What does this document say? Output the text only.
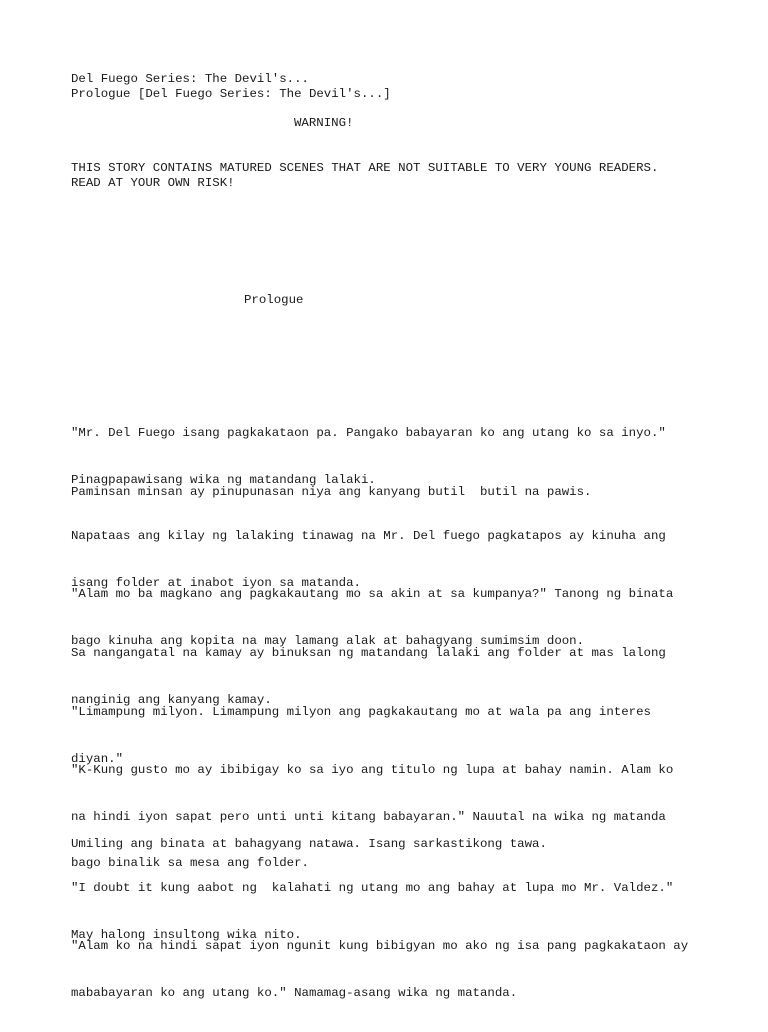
Del Fuego Series: The Devil's...
Prologue [Del Fuego Series: The Devil's...]
WARNING!
THIS STORY CONTAINS MATURED SCENES THAT ARE NOT SUITABLE TO VERY YOUNG READERS.
READ AT YOUR OWN RISK!
Prologue

"Mr. Del Fuego isang pagkakataon pa. Pangako babayaran ko ang utang ko sa inyo."

Pinagpapawisang wika ng matandang lalaki.

Paminsan minsan ay pinupunasan niya ang kanyang butil  butil na pawis.

Napataas ang kilay ng lalaking tinawag na Mr. Del fuego pagkatapos ay kinuha ang

isang folder at inabot iyon sa matanda.

"Alam mo ba magkano ang pagkakautang mo sa akin at sa kumpanya?" Tanong ng binata

bago kinuha ang kopita na may lamang alak at bahagyang sumimsim doon.

Sa nangangatal na kamay ay binuksan ng matandang lalaki ang folder at mas lalong

nanginig ang kanyang kamay.

"Limampung milyon. Limampung milyon ang pagkakautang mo at wala pa ang interes

diyan."

"K-Kung gusto mo ay ibibigay ko sa iyo ang titulo ng lupa at bahay namin. Alam ko

na hindi iyon sapat pero unti unti kitang babayaran." Nauutal na wika ng matanda

bago binalik sa mesa ang folder.

Umiling ang binata at bahagyang natawa. Isang sarkastikong tawa.

"I doubt it kung aabot ng  kalahati ng utang mo ang bahay at lupa mo Mr. Valdez."

May halong insultong wika nito.

"Alam ko na hindi sapat iyon ngunit kung bibigyan mo ako ng isa pang pagkakataon ay

mababayaran ko ang utang ko." Namamag-asang wika ng matanda.
